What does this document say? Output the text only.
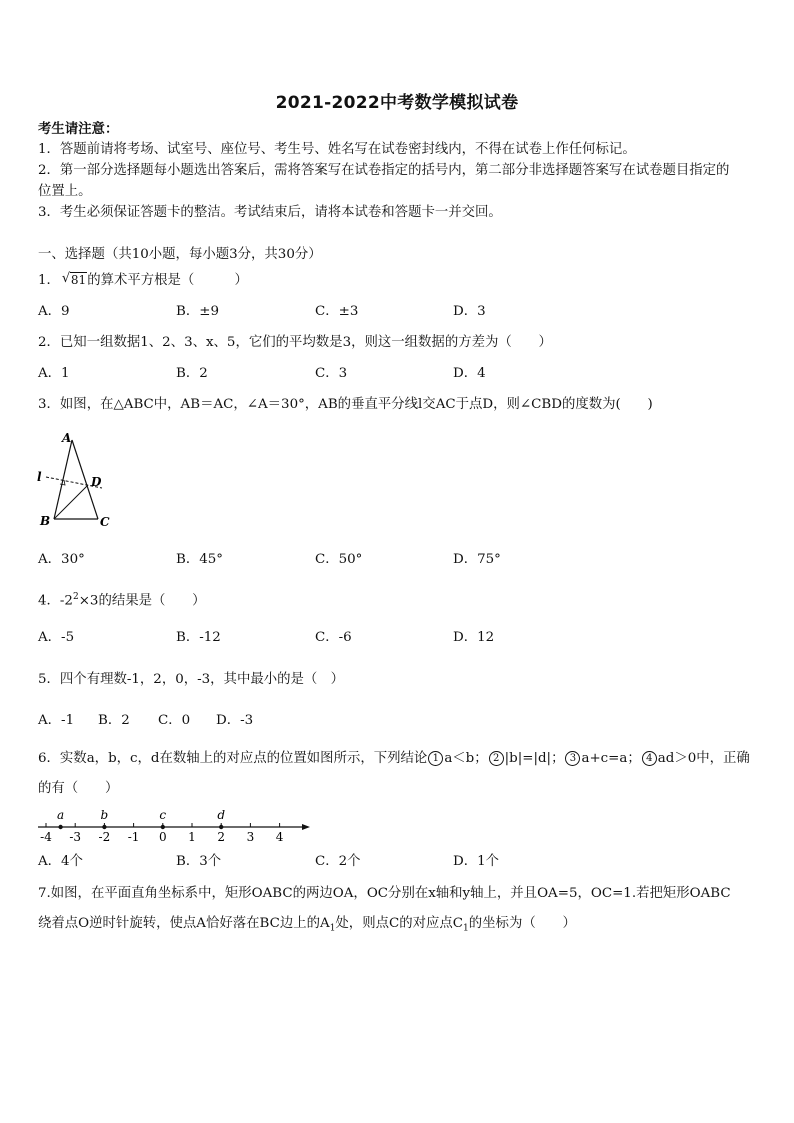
2021-2022中考数学模拟试卷
考生请注意：
1．答题前请将考场、试室号、座位号、考生号、姓名写在试卷密封线内，不得在试卷上作任何标记。
2．第一部分选择题每小题选出答案后，需将答案写在试卷指定的括号内，第二部分非选择题答案写在试卷题目指定的
位置上。
3．考生必须保证答题卡的整洁。考试结束后，请将本试卷和答题卡一并交回。
一、选择题（共10小题，每小题3分，共30分）
1． √ 81的算术平方根是（　　　）
A．9	B．±9	C．±3	D．3
2．已知一组数据1、2、3、x、5，它们的平均数是3，则这一组数据的方差为（　　）
A．1	B．2	C．3	D．4
3．如图，在△ABC中，AB＝AC，∠A＝30°，AB的垂直平分线l交AC于点D，则∠CBD的度数为(　　)
A
l	D
B	C
A．30°	B．45°	C．50°	D．75°
4．$-2^2\times 3$的结果是（　　）
A．-5	B．-12	C．-6	D．12
5．四个有理数-1，2，0，-3，其中最小的是（　）
A．-1 B．2 C．0 D．-3
6．实数a，b，c，d在数轴上的对应点的位置如图所示，下列结论 1 a＜b； 2 |b|=|d|； 3 a+c=a； 4 ad＞0中，正确
的有（　　）
-4 -3 -2 -1 0 1 2 3 4
a	b	c	d
A．4个	B．3个	C．2个	D．1个
7.如图，在平面直角坐标系中，矩形OABC的两边OA，OC分别在x轴和y轴上，并且OA=5，OC=1.若把矩形OABC
绕着点O逆时针旋转，使点A恰好落在BC边上的$A_1$处，则点C的对应点$C_1$的坐标为（　　）
